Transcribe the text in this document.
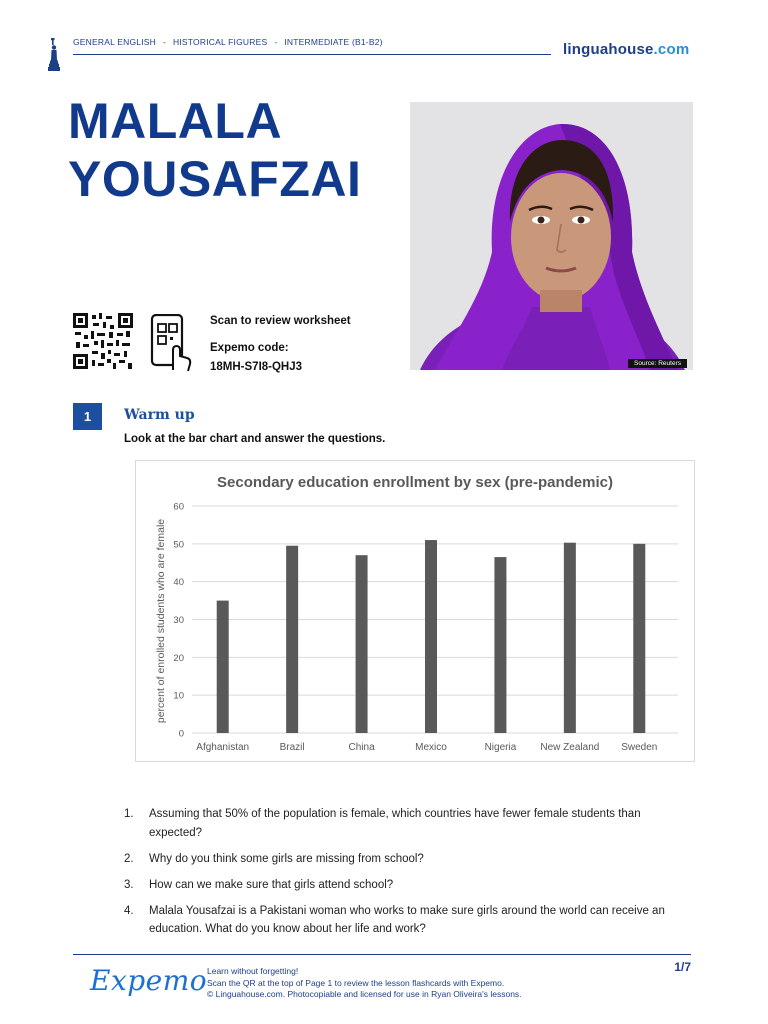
GENERAL ENGLISH - HISTORICAL FIGURES - INTERMEDIATE (B1-B2)	linguahouse.com
MALALA
YOUSAFZAI
Source: Reuters
Scan to review worksheet
Expemo code:
18MH-S7I8-QHJ3
1	Warm up
Look at the bar chart and answer the questions.
Secondary education enrollment by sex (pre-pandemic)
percent of enrolled students who are female
0
10
20
30
40
50
60
Afghanistan	Brazil	China	Mexico	Nigeria New Zealand Sweden
1. Assuming that 50% of the population is female, which countries have fewer female students than expected?
2. Why do you think some girls are missing from school?
3. How can we make sure that girls attend school?
4. Malala Yousafzai is a Pakistani woman who works to make sure girls around the world can receive an education. What do you know about her life and work?
Expemo Learn without forgetting!
Scan the QR at the top of Page 1 to review the lesson flashcards with Expemo.
© Linguahouse.com. Photocopiable and licensed for use in Ryan Oliveira's lessons.
1/7
